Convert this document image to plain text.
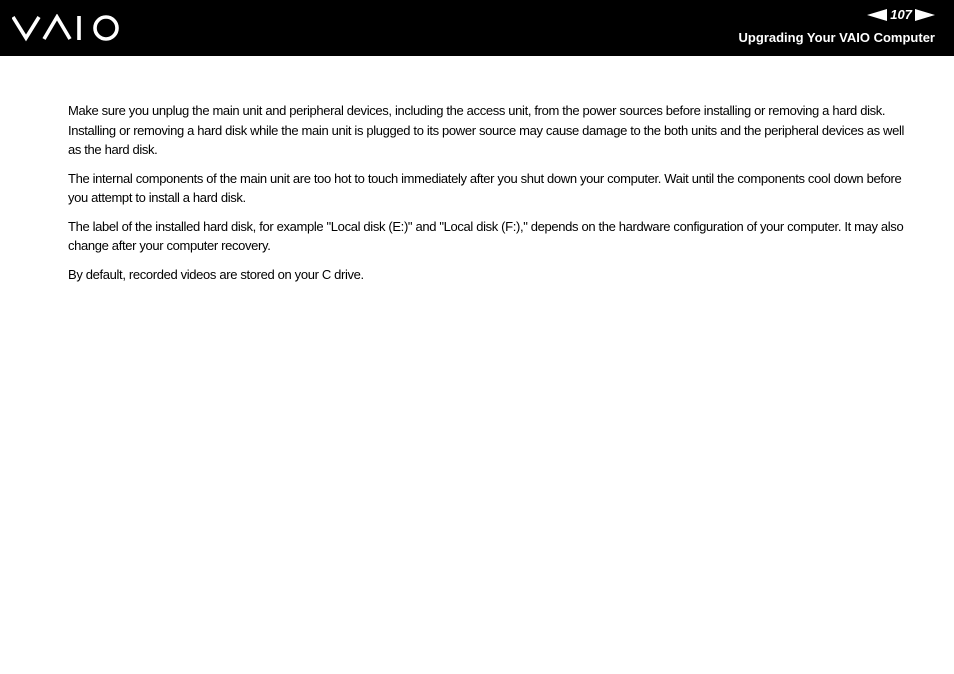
107
Upgrading Your VAIO Computer

Make sure you unplug the main unit and peripheral devices, including the access unit, from the power sources before installing or removing a hard disk. Installing or removing a hard disk while the main unit is plugged to its power source may cause damage to the both units and the peripheral devices as well as the hard disk.

The internal components of the main unit are too hot to touch immediately after you shut down your computer. Wait until the components cool down before you attempt to install a hard disk.

The label of the installed hard disk, for example "Local disk (E:)" and "Local disk (F:)," depends on the hardware configuration of your computer. It may also change after your computer recovery.

By default, recorded videos are stored on your C drive.
